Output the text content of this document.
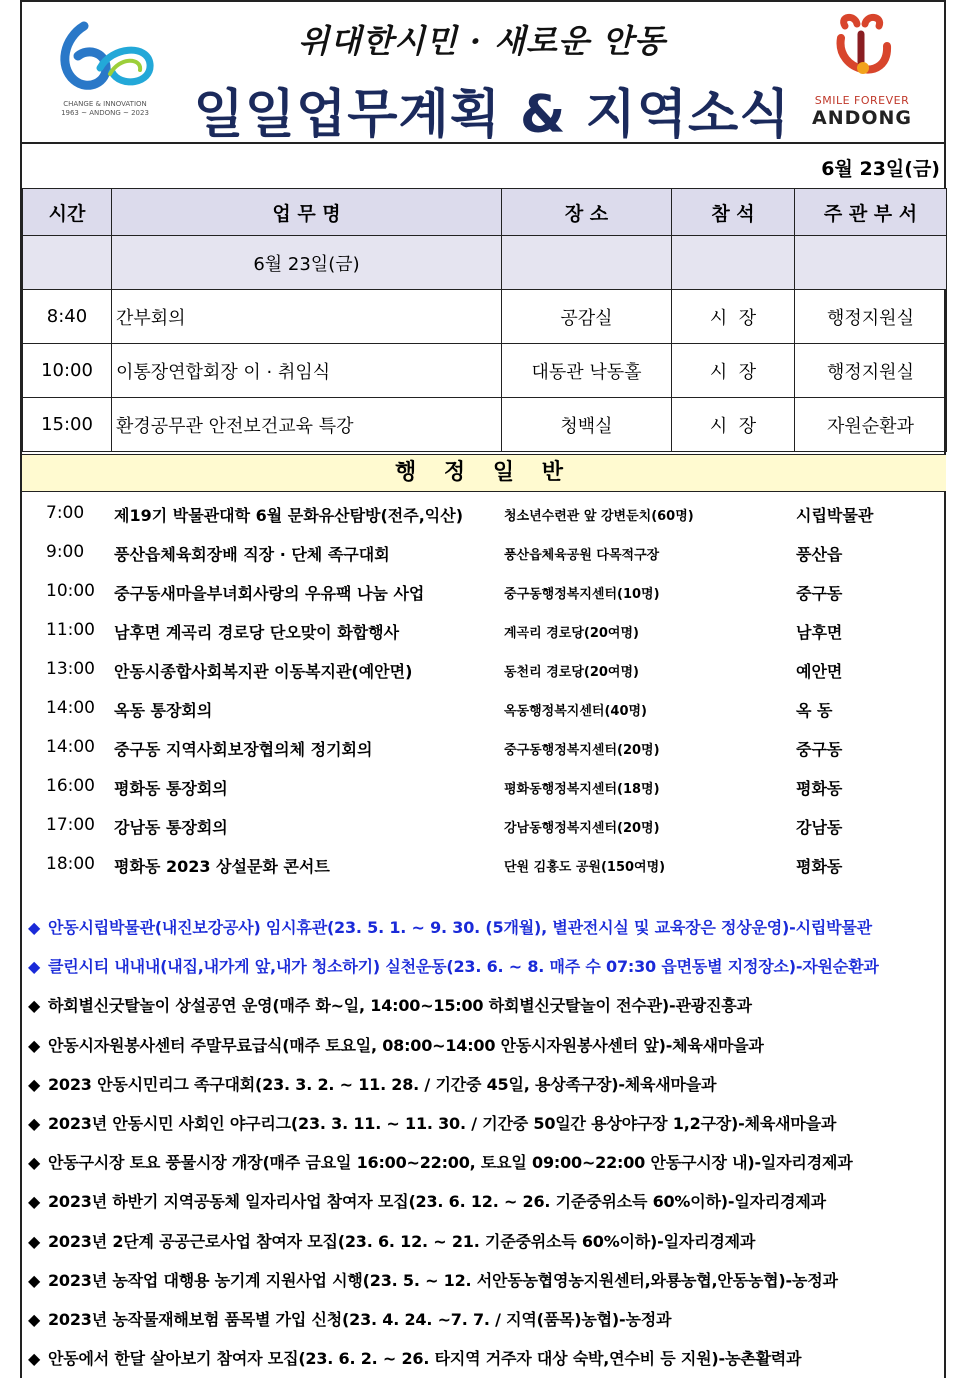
CHANGE & INNOVATION
1963 ~ ANDONG ~ 2023
위대한시민 · 새로운 안동
일일업무계획 & 지역소식	SMILE FOREVER
ANDONG
6월 23일(금)
시간	업 무 명	장 소	참 석	주 관 부 서
	6월 23일(금)			
8:40	간부회의	공감실	시  장	행정지원실
10:00	이통장연합회장 이 · 취임식	대동관 낙동홀	시  장	행정지원실
15:00	환경공무관 안전보건교육 특강	청백실	시  장	자원순환과
행 정 일 반
7:00 제19기 박물관대학 6월 문화유산탐방(전주,익산)	청소년수련관 앞 강변둔치(60명)	시립박물관
9:00 풍산읍체육회장배 직장 · 단체 족구대회	풍산읍체육공원 다목적구장	풍산읍
10:00 중구동새마을부녀회사랑의 우유팩 나눔 사업	중구동행정복지센터(10명)	중구동
11:00 남후면 계곡리 경로당 단오맞이 화합행사	계곡리 경로당(20여명)	남후면
13:00 안동시종합사회복지관 이동복지관(예안면)	동천리 경로당(20여명)	예안면
14:00 옥동 통장회의	옥동행정복지센터(40명)	옥 동
14:00 중구동 지역사회보장협의체 정기회의	중구동행정복지센터(20명)	중구동
16:00 평화동 통장회의	평화동행정복지센터(18명)	평화동
17:00 강남동 통장회의	강남동행정복지센터(20명)	강남동
18:00 평화동 2023 상설문화 콘서트	단원 김홍도 공원(150여명)	평화동
◆ 안동시립박물관(내진보강공사) 임시휴관(23. 5. 1. ~ 9. 30. (5개월), 별관전시실 및 교육장은 정상운영)-시립박물관
◆ 클린시티 내내내(내집,내가게 앞,내가 청소하기) 실천운동(23. 6. ~ 8. 매주 수 07:30 읍면동별 지정장소)-자원순환과
◆ 하회별신굿탈놀이 상설공연 운영(매주 화~일, 14:00~15:00 하회별신굿탈놀이 전수관)-관광진흥과
◆ 안동시자원봉사센터 주말무료급식(매주 토요일, 08:00~14:00 안동시자원봉사센터 앞)-체육새마을과
◆ 2023 안동시민리그 족구대회(23. 3. 2. ~ 11. 28. / 기간중 45일, 용상족구장)-체육새마을과
◆ 2023년 안동시민 사회인 야구리그(23. 3. 11. ~ 11. 30. / 기간중 50일간 용상야구장 1,2구장)-체육새마을과
◆ 안동구시장 토요 풍물시장 개장(매주 금요일 16:00~22:00, 토요일 09:00~22:00 안동구시장 내)-일자리경제과
◆ 2023년 하반기 지역공동체 일자리사업 참여자 모집(23. 6. 12. ~ 26. 기준중위소득 60%이하)-일자리경제과
◆ 2023년 2단계 공공근로사업 참여자 모집(23. 6. 12. ~ 21. 기준중위소득 60%이하)-일자리경제과
◆ 2023년 농작업 대행용 농기계 지원사업 시행(23. 5. ~ 12. 서안동농협영농지원센터,와룡농협,안동농협)-농정과
◆ 2023년 농작물재해보험 품목별 가입 신청(23. 4. 24. ~7. 7. / 지역(품목)농협)-농정과
◆ 안동에서 한달 살아보기 참여자 모집(23. 6. 2. ~ 26. 타지역 거주자 대상 숙박,연수비 등 지원)-농촌활력과
